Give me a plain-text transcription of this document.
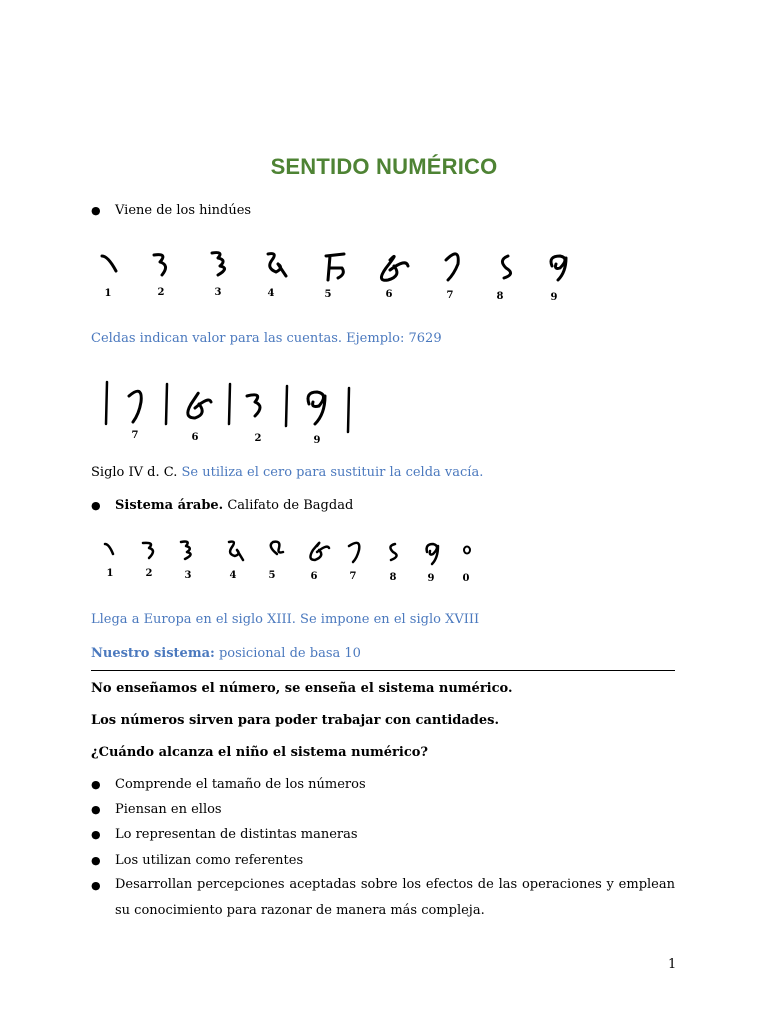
SENTIDO NUMÉRICO
● Viene de los hindúes
1	2	3	4	5	6	7	8	9
Celdas indican valor para las cuentas. Ejemplo: 7629
7	6	2	9
Siglo IV d. C. Se utiliza el cero para sustituir la celda vacía.
● Sistema árabe. Califato de Bagdad
1	2	3	4	5	6	7	8	9	0
Llega a Europa en el siglo XIII. Se impone en el siglo XVIII
Nuestro sistema: posicional de basa 10
No enseñamos el número, se enseña el sistema numérico.
Los números sirven para poder trabajar con cantidades.
¿Cuándo alcanza el niño el sistema numérico?
● Comprende el tamaño de los números
● Piensan en ellos
● Lo representan de distintas maneras
● Los utilizan como referentes
● Desarrollan percepciones aceptadas sobre los efectos de las operaciones y emplean su conocimiento para razonar de manera más compleja.
1
